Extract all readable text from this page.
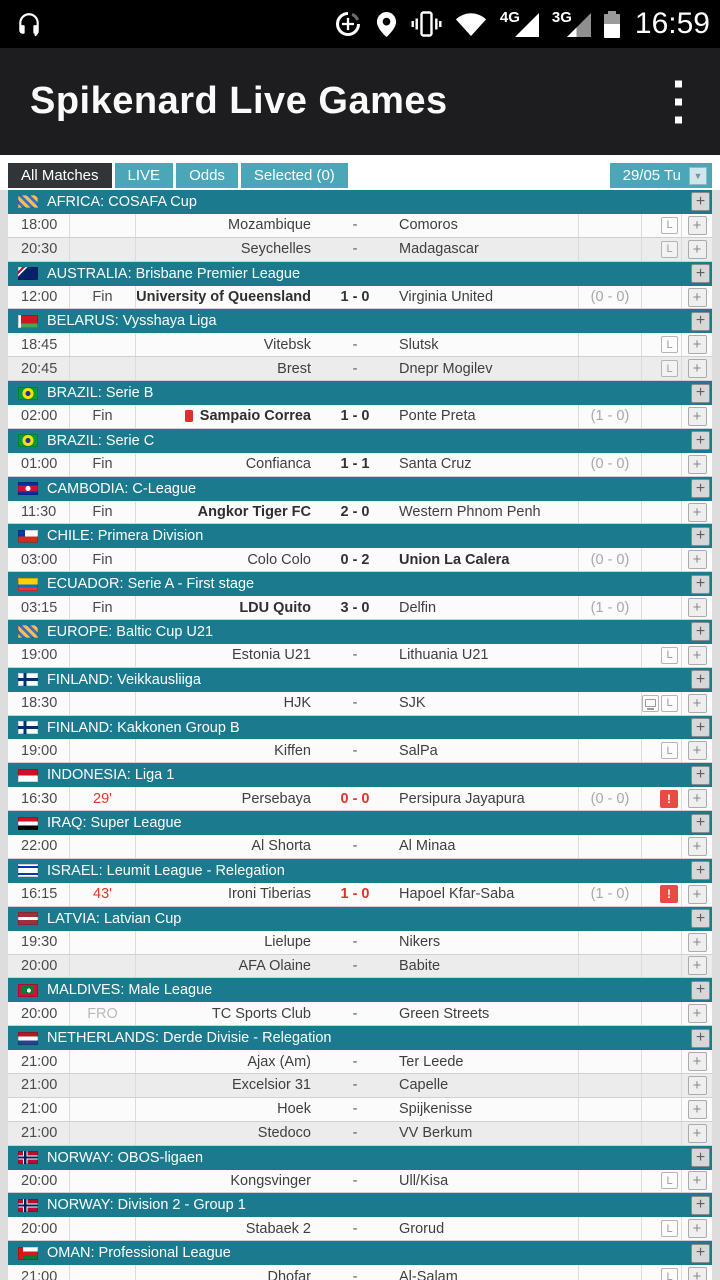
4G 3G 16:59
Spikenard Live Games
All Matches	LIVE	Odds	Selected (0)	29/05 Tu	▼
AFRICA: COSAFA Cup	+
18:00	Mozambique	-	Comoros	L	+
20:30	Seychelles	-	Madagascar	L	+
AUSTRALIA: Brisbane Premier League	+
12:00	Fin	University of Queensland	1 - 0	Virginia United	(0 - 0)	+
BELARUS: Vysshaya Liga	+
18:45	Vitebsk	-	Slutsk	L	+
20:45	Brest	-	Dnepr Mogilev	L	+
BRAZIL: Serie B	+
02:00	Fin	Sampaio Correa	1 - 0	Ponte Preta	(1 - 0)	+
BRAZIL: Serie C	+
01:00	Fin	Confianca	1 - 1	Santa Cruz	(0 - 0)	+
CAMBODIA: C-League	+
11:30	Fin	Angkor Tiger FC	2 - 0	Western Phnom Penh	+
CHILE: Primera Division	+
03:00	Fin	Colo Colo	0 - 2	Union La Calera	(0 - 0)	+
ECUADOR: Serie A - First stage	+
03:15	Fin	LDU Quito	3 - 0	Delfin	(1 - 0)	+
EUROPE: Baltic Cup U21	+
19:00	Estonia U21	-	Lithuania U21	L	+
FINLAND: Veikkausliiga	+
18:30	HJK	-	SJK	L	+
FINLAND: Kakkonen Group B	+
19:00	Kiffen	-	SalPa	L	+
INDONESIA: Liga 1	+
16:30	29'	Persebaya	0 - 0	Persipura Jayapura	(0 - 0)	!	+
IRAQ: Super League	+
22:00	Al Shorta	-	Al Minaa	+
ISRAEL: Leumit League - Relegation	+
16:15	43'	Ironi Tiberias	1 - 0	Hapoel Kfar-Saba	(1 - 0)	!	+
LATVIA: Latvian Cup	+
19:30	Lielupe	-	Nikers	+
20:00	AFA Olaine	-	Babite	+
MALDIVES: Male League	+
20:00	FRO	TC Sports Club	-	Green Streets	+
NETHERLANDS: Derde Divisie - Relegation	+
21:00	Ajax (Am)	-	Ter Leede	+
21:00	Excelsior 31	-	Capelle	+
21:00	Hoek	-	Spijkenisse	+
21:00	Stedoco	-	VV Berkum	+
NORWAY: OBOS-ligaen	+
20:00	Kongsvinger	-	Ull/Kisa	L	+
NORWAY: Division 2 - Group 1	+
20:00	Stabaek 2	-	Grorud	L	+
OMAN: Professional League	+
21:00	Dhofar	-	Al-Salam	L	+
